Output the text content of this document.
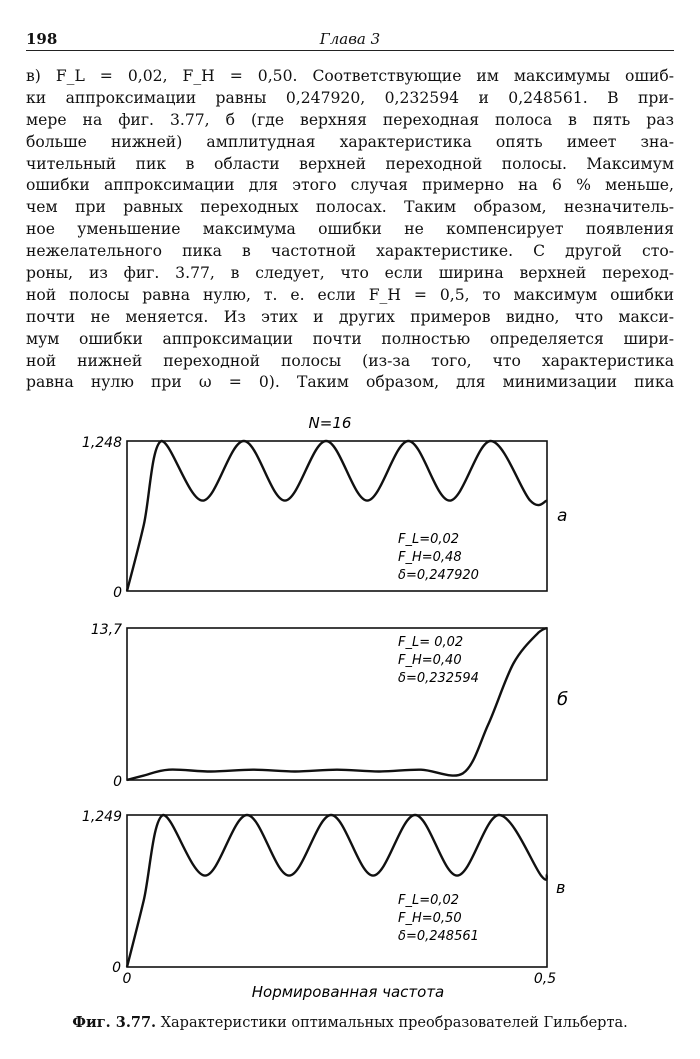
198	Глава 3
в) F_L = 0,02, F_H = 0,50. Соответствующие им максимумы ошиб-
ки аппроксимации равны 0,247920, 0,232594 и 0,248561. В при-
мере на фиг. 3.77, б (где верхняя переходная полоса в пять раз
больше нижней) амплитудная характеристика опять имеет зна-
чительный пик в области верхней переходной полосы. Максимум
ошибки аппроксимации для этого случая примерно на 6 % меньше,
чем при равных переходных полосах. Таким образом, незначитель-
ное уменьшение максимума ошибки не компенсирует появления
нежелательного пика в частотной характеристике. С другой сто-
роны, из фиг. 3.77, в следует, что если ширина верхней переход-
ной полосы равна нулю, т. е. если F_H = 0,5, то максимум ошибки
почти не меняется. Из этих и других примеров видно, что макси-
мум ошибки аппроксимации почти полностью определяется шири-
ной нижней переходной полосы (из-за того, что характеристика
равна нулю при ω = 0). Таким образом, для минимизации пика
N=16
1,248
0
F_L=0,02
F_H=0,48
δ=0,247920
а
13,7
0
F_L= 0,02
F_H=0,40
δ=0,232594
б
1,249
0
F_L=0,02
F_H=0,50
δ=0,248561
в
0	0,5
Нормированная частота
Фиг. 3.77. Характеристики оптимальных преобразователей Гильберта.
